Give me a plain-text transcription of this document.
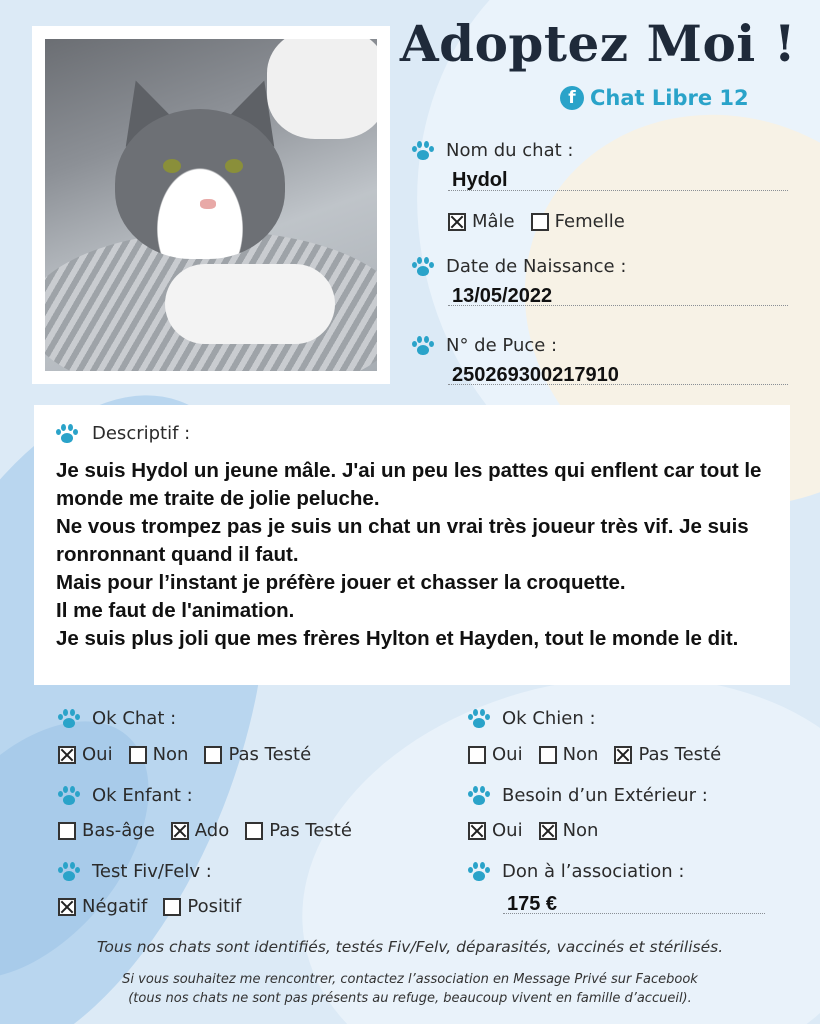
Adoptez Moi !
f Chat Libre 12
Nom du chat :
Hydol
Mâle Femelle
Date de Naissance :
13/05/2022
N° de Puce :
250269300217910
Descriptif :

Je suis Hydol un jeune mâle. J'ai un peu les pattes qui enflent car tout le monde me traite de jolie peluche.

Ne vous trompez pas je suis un chat un vrai très joueur très vif. Je suis ronronnant quand il faut.

Mais pour l’instant je préfère jouer et chasser la croquette.

Il me faut de l'animation.

Je suis plus joli que mes frères Hylton et Hayden, tout le monde le dit.

Ok Chat :
Oui Non Pas Testé
Ok Chien :
Oui Non Pas Testé
Ok Enfant :
Bas-âge Ado Pas Testé
Besoin d’un Extérieur :
Oui Non
Test Fiv/Felv :
Négatif Positif
Don à l’association :
175 €
Tous nos chats sont identifiés, testés Fiv/Felv, déparasités, vaccinés et stérilisés.

Si vous souhaitez me rencontrer, contactez l’association en Message Privé sur Facebook

(tous nos chats ne sont pas présents au refuge, beaucoup vivent en famille d’accueil).
